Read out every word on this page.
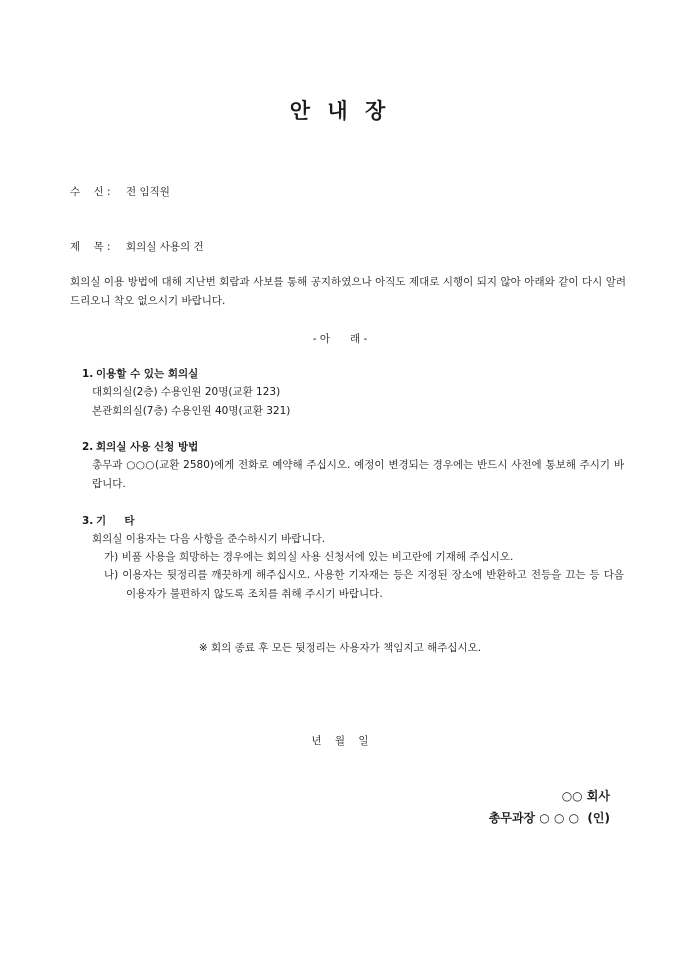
안 내 장
수    신 : 전 임직원
제    목 : 회의실 사용의 건
회의실 이용 방법에 대해 지난번 회람과 사보를 통해 공지하였으나 아직도 제대로 시행이 되지 않아 아래와 같이 다시 알려드리오니 착오 없으시기 바랍니다.
- 아      래 -
1. 이용할 수 있는 회의실
대회의실(2층) 수용인원 20명(교환 123)
본관회의실(7층) 수용인원 40명(교환 321)
2. 회의실 사용 신청 방법
총무과 ○○○(교환 2580)에게 전화로 예약해 주십시오. 예정이 변경되는 경우에는 반드시 사전에 통보해 주시기 바랍니다.
3. 기     타
회의실 이용자는 다음 사항을 준수하시기 바랍니다.
가) 비품 사용을 희망하는 경우에는 회의실 사용 신청서에 있는 비고란에 기재해 주십시오.
나) 이용자는 뒷정리를 깨끗하게 해주십시오. 사용한 기자재는 등은 지정된 장소에 반환하고 전등을 끄는 등 다음 이용자가 불편하지 않도록 조치를 취해 주시기 바랍니다.
※ 회의 종료 후 모든 뒷정리는 사용자가 책임지고 해주십시오.
년    월    일
○○ 회사
총무과장 ○ ○ ○  (인)
